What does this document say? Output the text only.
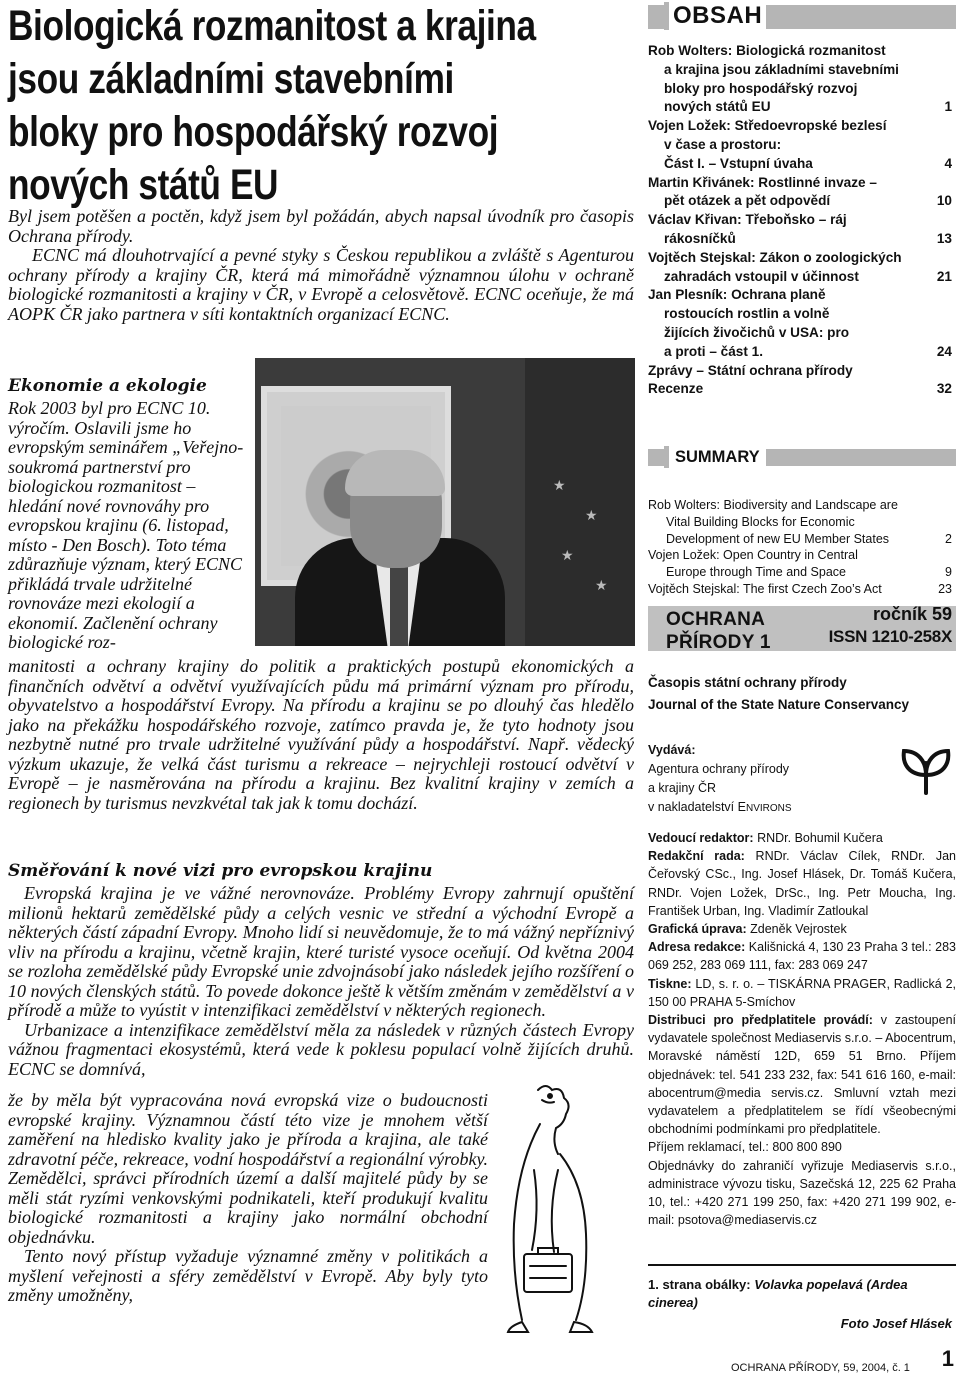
Biologická rozmanitost a krajina
jsou základními stavebními
bloky pro hospodářský rozvoj
nových států EU

Byl jsem potěšen a poctěn, když jsem byl požádán, abych napsal úvodník pro časopis Ochrana přírody.

ECNC má dlouhotrvající a pevné styky s Českou republikou a zvláště s Agenturou ochrany přírody a krajiny ČR, která má mimořádně významnou úlohu v ochraně biologické rozmanitosti a krajiny v ČR, v Evropě a celosvětově. ECNC oceňuje, že má AOPK ČR jako partnera v síti kontaktních organizací ECNC.

★
★
★
★
Ekonomie a ekologie

Rok 2003 byl pro ECNC 10. výročím. Oslavili jsme ho evropským seminářem „Veřejno-soukromá partnerství pro biologickou rozmanitost – hledání nové rovnováhy pro evropskou krajinu (6. listopad, místo - Den Bosch). Toto téma zdůrazňuje význam, který ECNC přikládá trvale udržitelné rovnováze mezi ekologií a ekonomií. Začlenění ochrany biologické roz-

manitosti a ochrany krajiny do politik a praktických postupů ekonomických a finančních odvětví a odvětví využívajících půdu má primární význam pro přírodu, obyvatelstvo a hospodářství Evropy. Na přírodu a krajinu se po dlouhý čas hledělo jako na překážku hospodářského rozvoje, zatímco pravda je, že tyto hodnoty jsou nezbytně nutné pro trvale udržitelné využívání půdy a hospodářství. Např. vědecký výzkum ukazuje, že velká část turismu a rekreace – nejrychleji rostoucí odvětví v Evropě – je nasměrována na přírodu a krajinu. Bez kvalitní krajiny v zemích a regionech by turismus nevzkvétal tak jak k tomu dochází.

Směřování k nové vizi pro evropskou krajinu

Evropská krajina je ve vážné nerovnováze. Problémy Evropy zahrnují opuštění milionů hektarů zemědělské půdy a celých vesnic ve střední a východní Evropě a některých částí západní Evropy. Mnoho lidí si neuvědomuje, že to má vážný nepříznivý vliv na přírodu a krajinu, včetně krajin, které turisté vysoce oceňují. Od května 2004 se rozloha zemědělské půdy Evropské unie zdvojnásobí jako následek jejího rozšíření o 10 nových členských států. To povede dokonce ještě k větším změnám v zemědělství a v přírodě a může to vyústit v intenzifikaci zemědělství v některých regionech.

Urbanizace a intenzifikace zemědělství měla za následek v různých částech Evropy vážnou fragmentaci ekosystémů, která vede k poklesu populací volně žijících druhů. ECNC se domnívá,

že by měla být vypracována nová evropská vize o budoucnosti evropské krajiny. Významnou částí této vize je mnohem větší zaměření na hledisko kvality jako je příroda a krajina, ale také zdravotní péče, rekreace, vodní hospodářství a regionální výrobky. Zemědělci, správci přírodních území a další majitelé půdy by se měli stát ryzími venkovskými podnikateli, kteří produkují kvalitu biologické rozmanitosti a krajiny jako normální obchodní objednávku.

Tento nový přístup vyžaduje významné změny v politikách a myšlení veřejnosti a sféry zemědělství v Evropě. Aby byly tyto změny umožněny,

OBSAH
Rob Wolters: Biologická rozmanitost
a krajina jsou základními stavebními
bloky pro hospodářský rozvoj
nových států EU	1
Vojen Ložek: Středoevropské bezlesí
v čase a prostoru:
Část I. – Vstupní úvaha	4
Martin Křivánek: Rostlinné invaze –
pět otázek a pět odpovědí	10
Václav Křivan: Třeboňsko – ráj
rákosníčků	13
Vojtěch Stejskal: Zákon o zoologických
zahradách vstoupil v účinnost	21
Jan Plesník: Ochrana planě
rostoucích rostlin a volně
žijících živočichů v USA: pro
a proti – část 1.	24
Zprávy – Státní ochrana přírody
Recenze	32
SUMMARY
Rob Wolters: Biodiversity and Landscape are
Vital Building Blocks for Economic
Development of new EU Member States	2
Vojen Ložek: Open Country in Central
Europe through Time and Space	9
Vojtěch Stejskal: The first Czech Zoo’s Act	23
OCHRANA
PŘÍRODY 1
ročník 59
ISSN 1210-258X
Časopis státní ochrany přírody
Journal of the State Nature Conservancy
Vydává:
Agentura ochrany přírody
a krajiny ČR
v nakladatelství ENVIRONS
Vedoucí redaktor: RNDr. Bohumil Kučera
Redakční rada: RNDr. Václav Cílek, RNDr. Jan Čeřovský CSc., Ing. Josef Hlásek, Dr. Tomáš Kučera, RNDr. Vojen Ložek, DrSc., Ing. Petr Moucha, Ing. František Urban, Ing. Vladimír Zatloukal
Grafická úprava: Zdeněk Vejrostek
Adresa redakce: Kališnická 4, 130 23 Praha 3 tel.: 283 069 252, 283 069 111, fax: 283 069 247
Tiskne: LD, s. r. o. – TISKÁRNA PRAGER, Radlická 2, 150 00 PRAHA 5-Smíchov
Distribuci pro předplatitele provádí: v zastoupení vydavatele společnost Mediaservis s.r.o. – Abocentrum, Moravské náměstí 12D, 659 51 Brno. Příjem objednávek: tel. 541 233 232, fax: 541 616 160, e-mail: abocentrum@media servis.cz. Smluvní vztah mezi vydavatelem a předplatitelem se řídí všeobecnými obchodními podmínkami pro předplatitele.
Příjem reklamací, tel.: 800 800 890
Objednávky do zahraničí vyřizuje Mediaservis s.r.o., administrace vývozu tisku, Sazečská 12, 225 62 Praha 10, tel.: +420 271 199 250, fax: +420 271 199 902, e-mail: psotova@mediaservis.cz
1. strana obálky: Volavka popelavá (Ardea cinerea)
Foto Josef Hlásek
OCHRANA PŘÍRODY, 59, 2004, č. 1 1
